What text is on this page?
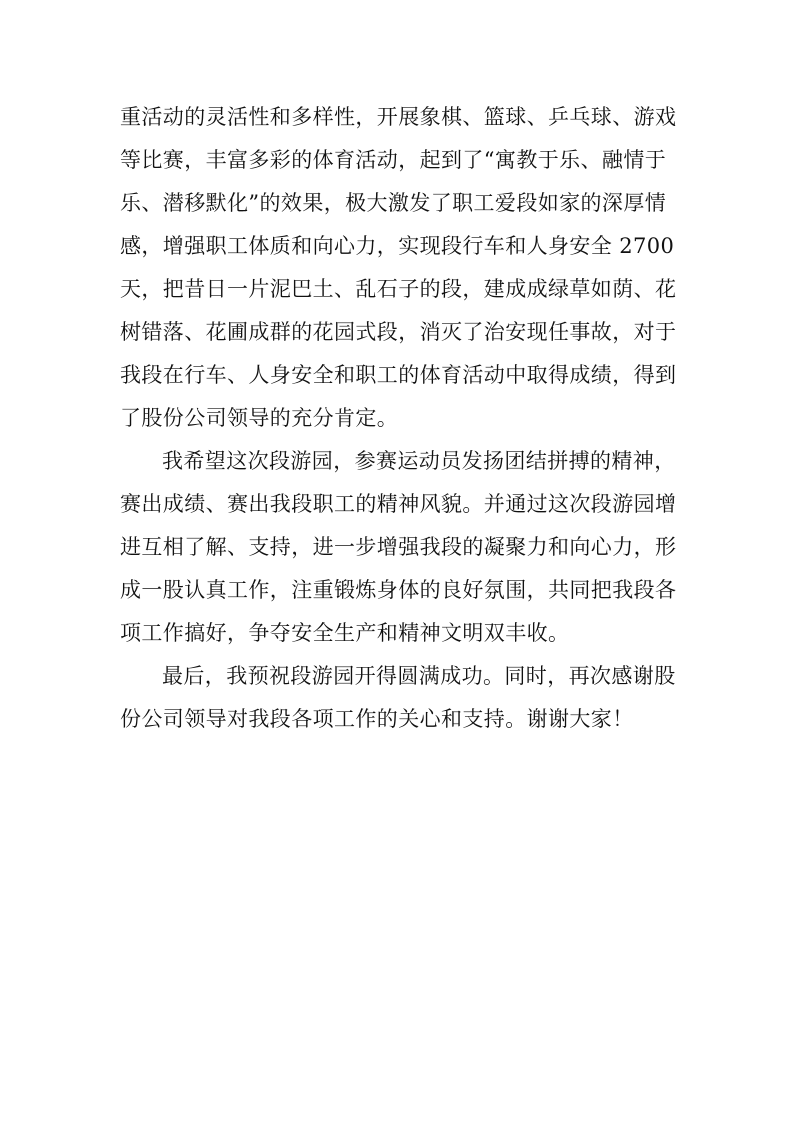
重活动的灵活性和多样性，开展象棋、篮球、乒乓球、游戏
等比赛，丰富多彩的体育活动，起到了“寓教于乐、融情于
乐、潜移默化”的效果，极大激发了职工爱段如家的深厚情
感，增强职工体质和向心力，实现段行车和人身安全 2700
天，把昔日一片泥巴土、乱石子的段，建成成绿草如荫、花
树错落、花圃成群的花园式段，消灭了治安现任事故，对于
我段在行车、人身安全和职工的体育活动中取得成绩，得到
了股份公司领导的充分肯定。
我希望这次段游园，参赛运动员发扬团结拼搏的精神，
赛出成绩、赛出我段职工的精神风貌。并通过这次段游园增
进互相了解、支持，进一步增强我段的凝聚力和向心力，形
成一股认真工作，注重锻炼身体的良好氛围，共同把我段各
项工作搞好，争夺安全生产和精神文明双丰收。
最后，我预祝段游园开得圆满成功。同时，再次感谢股
份公司领导对我段各项工作的关心和支持。谢谢大家！
